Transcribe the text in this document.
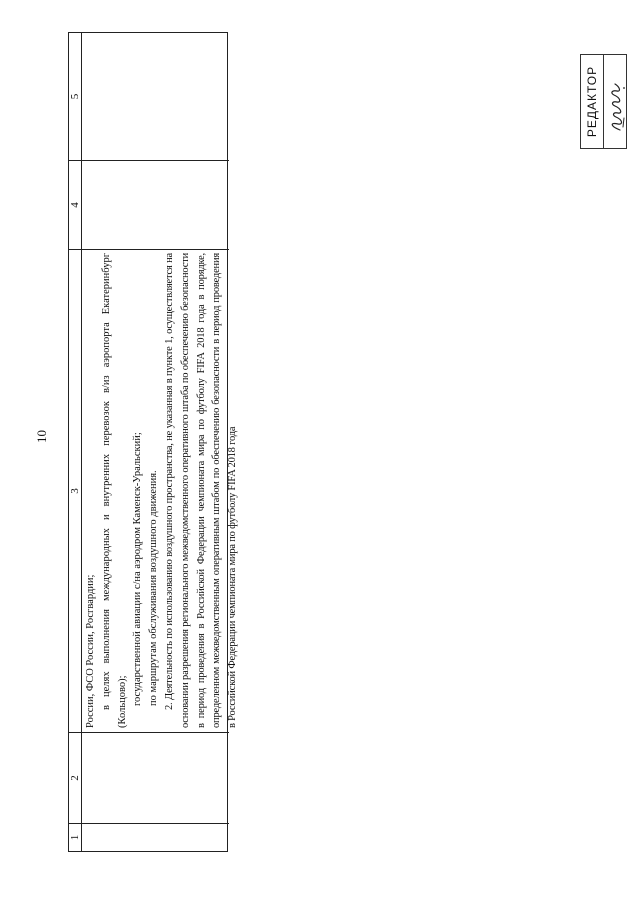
10
1
2
3
4
5

России, ФСО России, Росгвардии; в целях выполнения международных и внутренних перевозок в/из аэропорта Екатеринбург (Кольцово); государственной авиации с/на аэродром Каменск-Уральский; по маршрутам обслуживания воздушного движения. 2. Деятельность по использованию воздушного пространства, не указанная в пункте 1, осуществляется на основании разрешения регионального межведомственного оперативного штаба по обеспечению безопасности в период проведения в Российской Федерации чемпионата мира по футболу FIFA 2018 года в порядке, определенном межведомственным оперативным штабом по обеспечению безопасности в период проведения в Российской Федерации чемпионата мира по футболу FIFA 2018 года

РЕДАКТОР
